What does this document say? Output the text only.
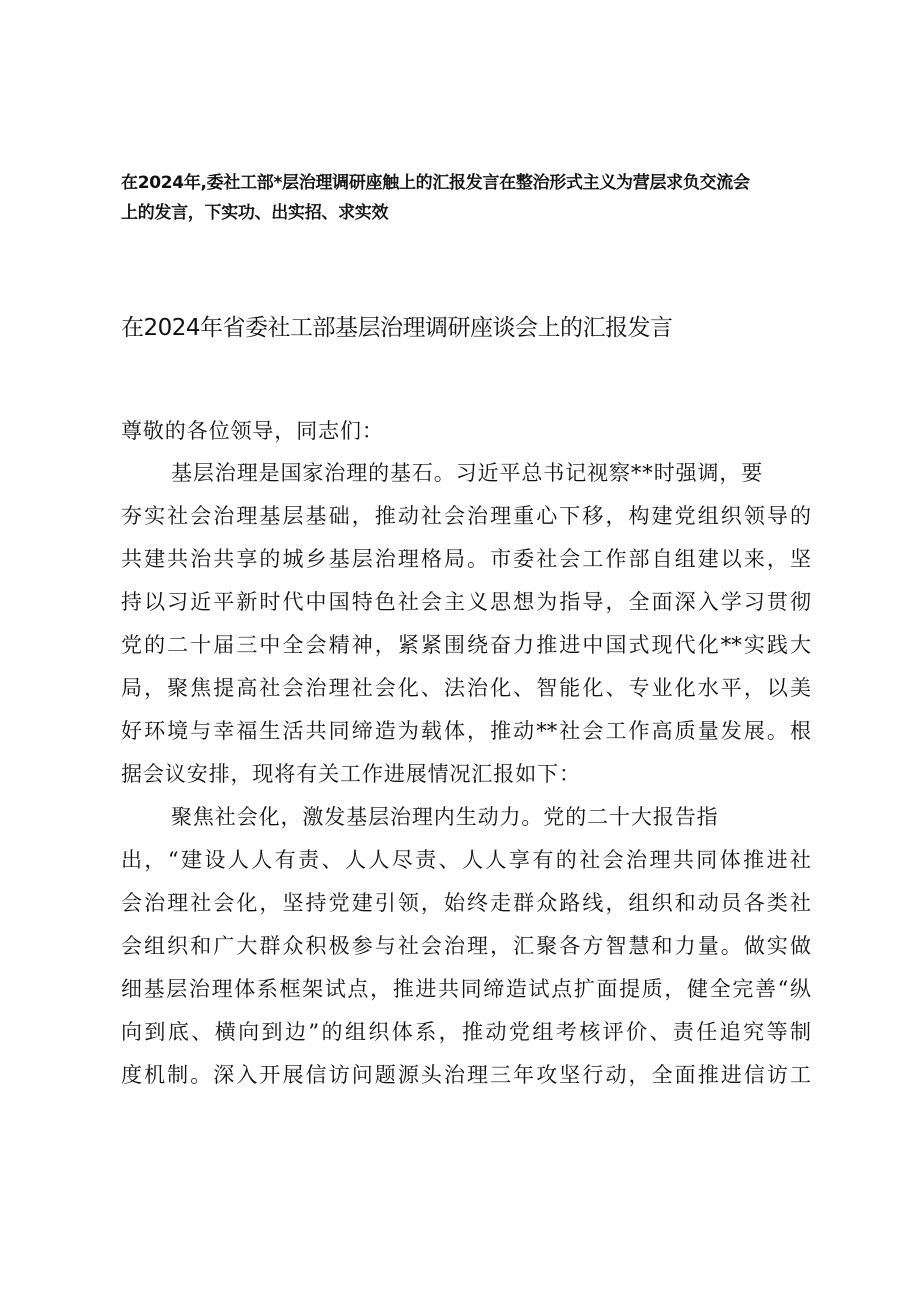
在2024年,委社工部*层治理调研座触上的汇报发言在整治形式主义为营层求负交流会
上的发言，下实功、出实招、求实效
在2024年省委社工部基层治理调研座谈会上的汇报发言
尊敬的各位领导，同志们：
基层治理是国家治理的基石。习近平总书记视察**时强调，要
夯实社会治理基层基础，推动社会治理重心下移，构建党组织领导的
共建共治共享的城乡基层治理格局。市委社会工作部自组建以来，坚
持以习近平新时代中国特色社会主义思想为指导，全面深入学习贯彻
党的二十届三中全会精神，紧紧围绕奋力推进中国式现代化**实践大
局，聚焦提高社会治理社会化、法治化、智能化、专业化水平，以美
好环境与幸福生活共同缔造为载体，推动**社会工作高质量发展。根
据会议安排，现将有关工作进展情况汇报如下：
聚焦社会化，激发基层治理内生动力。党的二十大报告指
出，“建设人人有责、人人尽责、人人享有的社会治理共同体推进社
会治理社会化，坚持党建引领，始终走群众路线，组织和动员各类社
会组织和广大群众积极参与社会治理，汇聚各方智慧和力量。做实做
细基层治理体系框架试点，推进共同缔造试点扩面提质，健全完善“纵
向到底、横向到边”的组织体系，推动党组考核评价、责任追究等制
度机制。深入开展信访问题源头治理三年攻坚行动，全面推进信访工
